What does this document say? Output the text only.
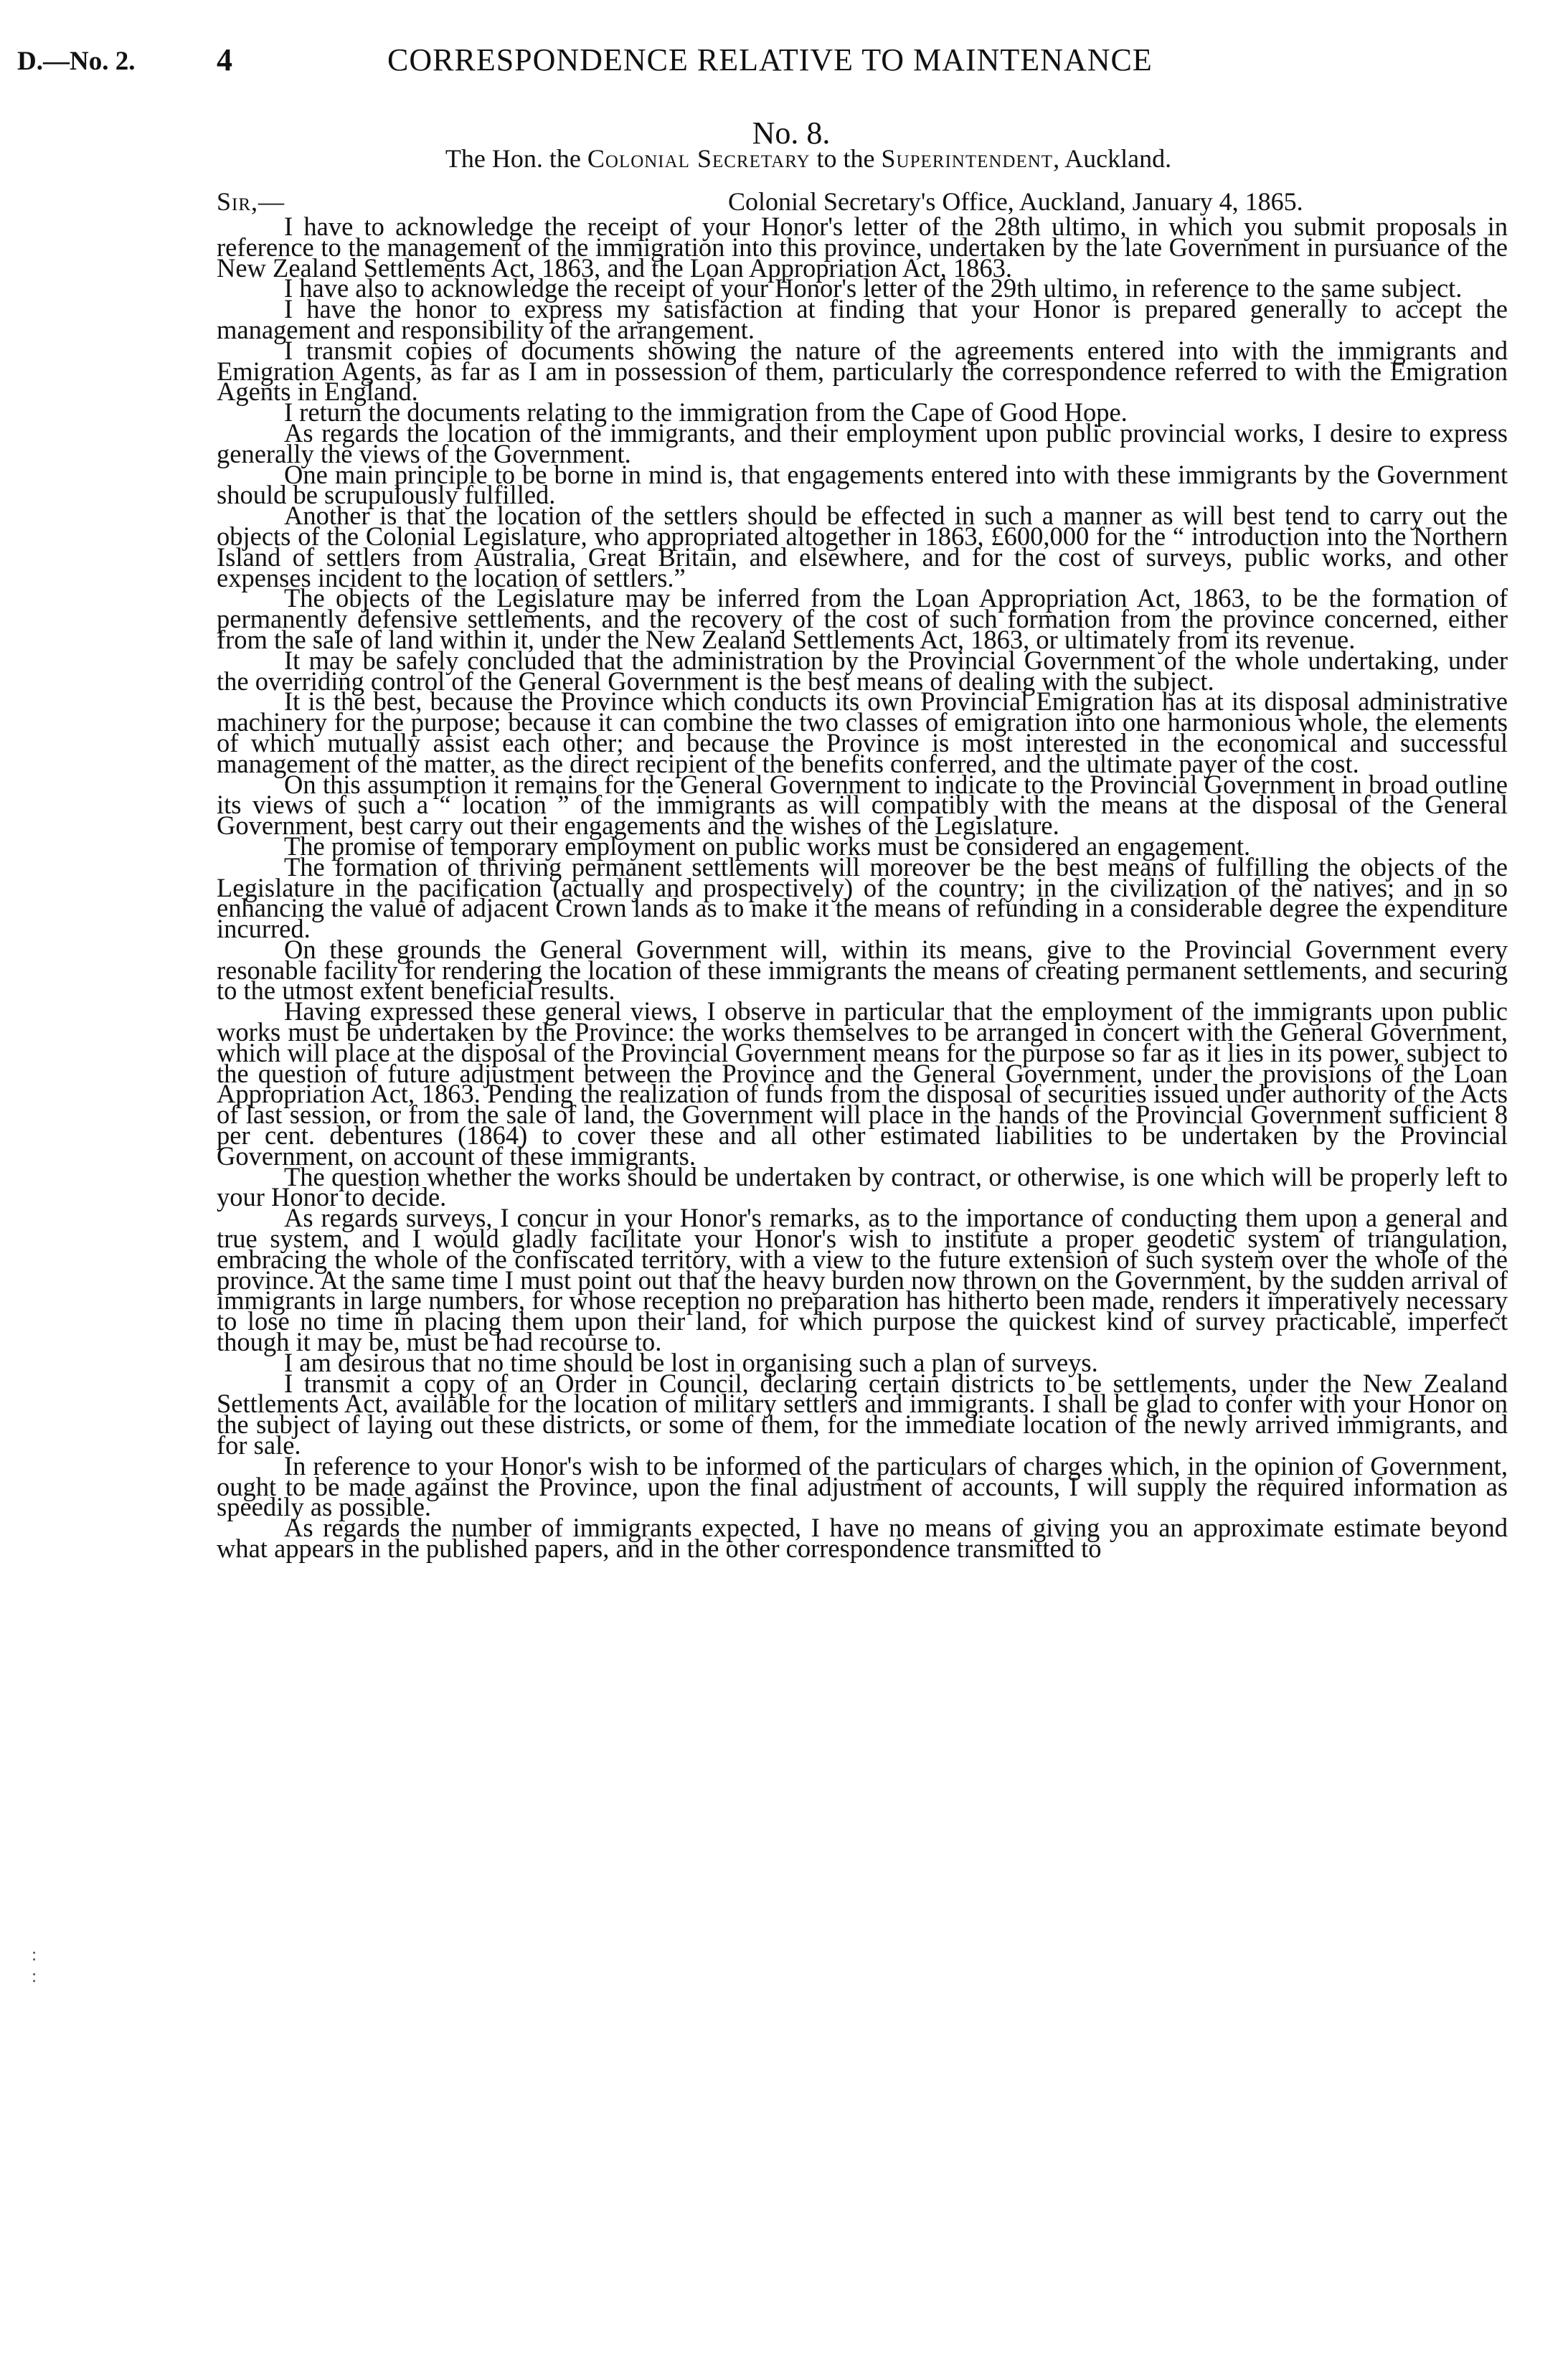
D.—No. 2.	4	CORRESPONDENCE RELATIVE TO MAINTENANCE
No. 8.
The Hon. the Colonial Secretary to the Superintendent, Auckland.
Sir,—	Colonial Secretary's Office, Auckland, January 4, 1865.

I have to acknowledge the receipt of your Honor's letter of the 28th ultimo, in which you submit proposals in reference to the management of the immigration into this province, undertaken by the late Government in pursuance of the New Zealand Settlements Act, 1863, and the Loan Appropriation Act, 1863.

I have also to acknowledge the receipt of your Honor's letter of the 29th ultimo, in reference to the same subject.

I have the honor to express my satisfaction at finding that your Honor is prepared generally to accept the management and responsibility of the arrangement.

I transmit copies of documents showing the nature of the agreements entered into with the immigrants and Emigration Agents, as far as I am in possession of them, particularly the correspondence referred to with the Emigration Agents in England.

I return the documents relating to the immigration from the Cape of Good Hope.

As regards the location of the immigrants, and their employment upon public provincial works, I desire to express generally the views of the Government.

One main principle to be borne in mind is, that engagements entered into with these immigrants by the Government should be scrupulously fulfilled.

Another is that the location of the settlers should be effected in such a manner as will best tend to carry out the objects of the Colonial Legislature, who appropriated altogether in 1863, £600,000 for the “ introduction into the Northern Island of settlers from Australia, Great Britain, and elsewhere, and for the cost of surveys, public works, and other expenses incident to the location of settlers.”

The objects of the Legislature may be inferred from the Loan Appropriation Act, 1863, to be the formation of permanently defensive settlements, and the recovery of the cost of such formation from the province concerned, either from the sale of land within it, under the New Zealand Settlements Act, 1863, or ultimately from its revenue.

It may be safely concluded that the administration by the Provincial Government of the whole undertaking, under the overriding control of the General Government is the best means of dealing with the subject.

It is the best, because the Province which conducts its own Provincial Emigration has at its disposal administrative machinery for the purpose; because it can combine the two classes of emigration into one harmonious whole, the elements of which mutually assist each other; and because the Province is most interested in the economical and successful management of the matter, as the direct recipient of the benefits conferred, and the ultimate payer of the cost.

On this assumption it remains for the General Government to indicate to the Provincial Government in broad outline its views of such a “ location ” of the immigrants as will compatibly with the means at the disposal of the General Government, best carry out their engagements and the wishes of the Legislature.

The promise of temporary employment on public works must be considered an engagement.

The formation of thriving permanent settlements will moreover be the best means of fulfilling the objects of the Legislature in the pacification (actually and prospectively) of the country; in the civilization of the natives; and in so enhancing the value of adjacent Crown lands as to make it the means of refunding in a considerable degree the expenditure incurred.

On these grounds the General Government will, within its means, give to the Provincial Government every resonable facility for rendering the location of these immigrants the means of creating permanent settlements, and securing to the utmost extent beneficial results.

Having expressed these general views, I observe in particular that the employment of the immigrants upon public works must be undertaken by the Province: the works themselves to be arranged in concert with the General Government, which will place at the disposal of the Provincial Government means for the purpose so far as it lies in its power, subject to the question of future adjustment between the Province and the General Government, under the provisions of the Loan Appropriation Act, 1863. Pending the realization of funds from the disposal of securities issued under authority of the Acts of last session, or from the sale of land, the Government will place in the hands of the Provincial Government sufficient 8 per cent. debentures (1864) to cover these and all other estimated liabilities to be undertaken by the Provincial Government, on account of these immigrants.

The question whether the works should be undertaken by contract, or otherwise, is one which will be properly left to your Honor to decide.

As regards surveys, I concur in your Honor's remarks, as to the importance of conducting them upon a general and true system, and I would gladly facilitate your Honor's wish to institute a proper geodetic system of triangulation, embracing the whole of the confiscated territory, with a view to the future extension of such system over the whole of the province. At the same time I must point out that the heavy burden now thrown on the Government, by the sudden arrival of immigrants in large numbers, for whose reception no preparation has hitherto been made, renders it imperatively necessary to lose no time in placing them upon their land, for which purpose the quickest kind of survey practicable, imperfect though it may be, must be had recourse to.

I am desirous that no time should be lost in organising such a plan of surveys.

I transmit a copy of an Order in Council, declaring certain districts to be settlements, under the New Zealand Settlements Act, available for the location of military settlers and immigrants. I shall be glad to confer with your Honor on the subject of laying out these districts, or some of them, for the immediate location of the newly arrived immigrants, and for sale.

In reference to your Honor's wish to be informed of the particulars of charges which, in the opinion of Government, ought to be made against the Province, upon the final adjustment of accounts, I will supply the required information as speedily as possible.

As regards the number of immigrants expected, I have no means of giving you an approximate estimate beyond what appears in the published papers, and in the other correspondence transmitted to

:
:
